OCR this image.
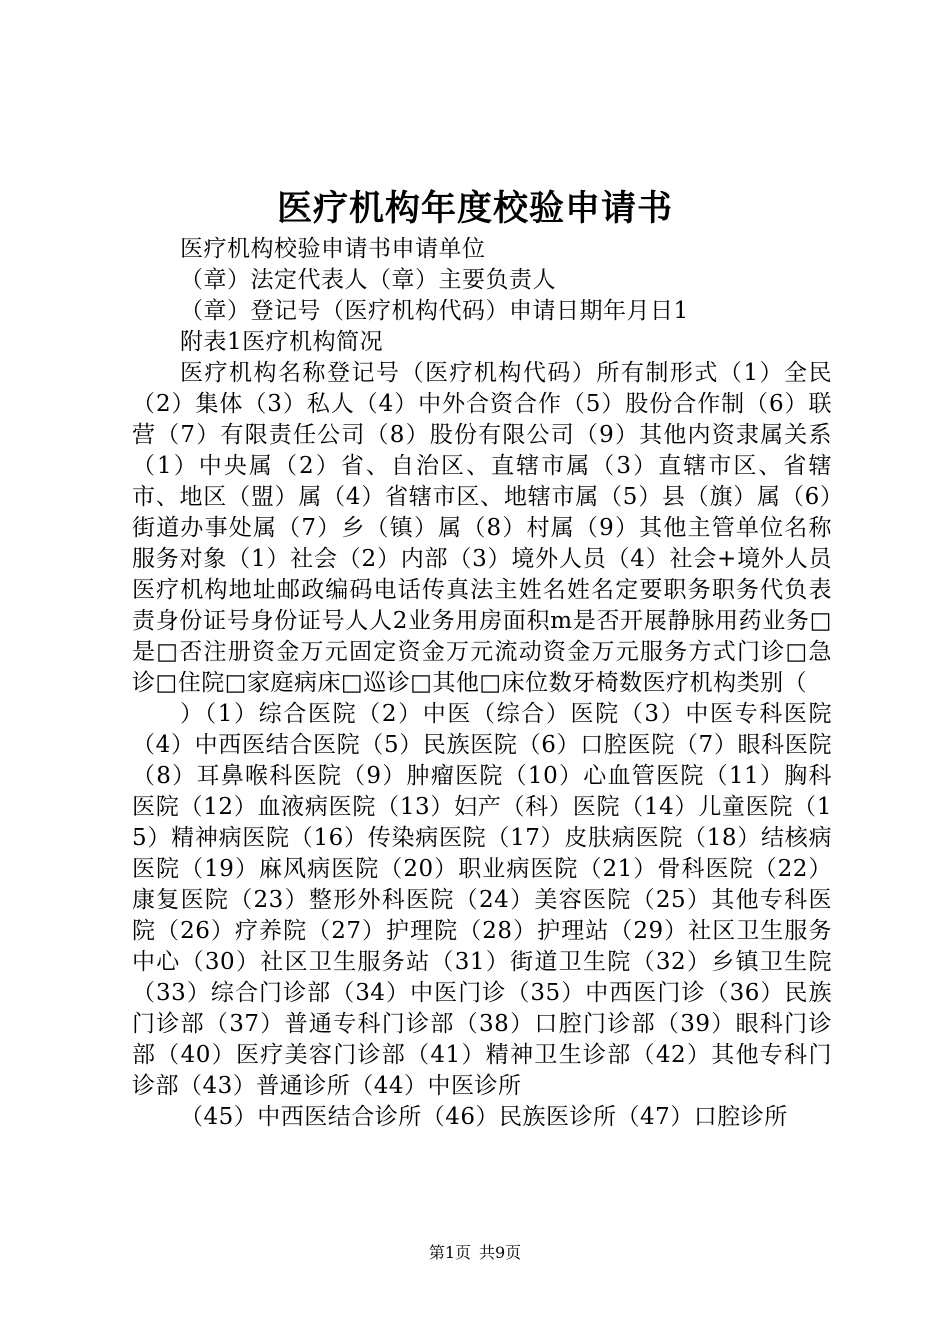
医疗机构年度校验申请书

医疗机构校验申请书申请单位

（章）法定代表人（章）主要负责人

（章）登记号（医疗机构代码）申请日期年月日1

附表1医疗机构简况

医疗机构名称登记号（医疗机构代码）所有制形式（1）全民（2）集体（3）私人（4）中外合资合作（5）股份合作制（6）联营（7）有限责任公司（8）股份有限公司（9）其他内资隶属关系（1）中央属（2）省、自治区、直辖市属（3）直辖市区、省辖市、地区（盟）属（4）省辖市区、地辖市属（5）县（旗）属（6）街道办事处属（7）乡（镇）属（8）村属（9）其他主管单位名称服务对象（1）社会（2）内部（3）境外人员（4）社会+境外人员医疗机构地址邮政编码电话传真法主姓名姓名定要职务职务代负表责身份证号身份证号人人2业务用房面积m是否开展静脉用药业务□是□否注册资金万元固定资金万元流动资金万元服务方式门诊□急诊□住院□家庭病床□巡诊□其他□床位数牙椅数医疗机构类别（

）（1）综合医院（2）中医（综合）医院（3）中医专科医院（4）中西医结合医院（5）民族医院（6）口腔医院（7）眼科医院（8）耳鼻喉科医院（9）肿瘤医院（10）心血管医院（11）胸科医院（12）血液病医院（13）妇产（科）医院（14）儿童医院（15）精神病医院（16）传染病医院（17）皮肤病医院（18）结核病医院（19）麻风病医院（20）职业病医院（21）骨科医院（22）康复医院（23）整形外科医院（24）美容医院（25）其他专科医院（26）疗养院（27）护理院（28）护理站（29）社区卫生服务中心（30）社区卫生服务站（31）街道卫生院（32）乡镇卫生院（33）综合门诊部（34）中医门诊（35）中西医门诊（36）民族门诊部（37）普通专科门诊部（38）口腔门诊部（39）眼科门诊部（40）医疗美容门诊部（41）精神卫生诊部（42）其他专科门诊部（43）普通诊所（44）中医诊所

（45）中西医结合诊所（46）民族医诊所（47）口腔诊所

第1页 共9页
